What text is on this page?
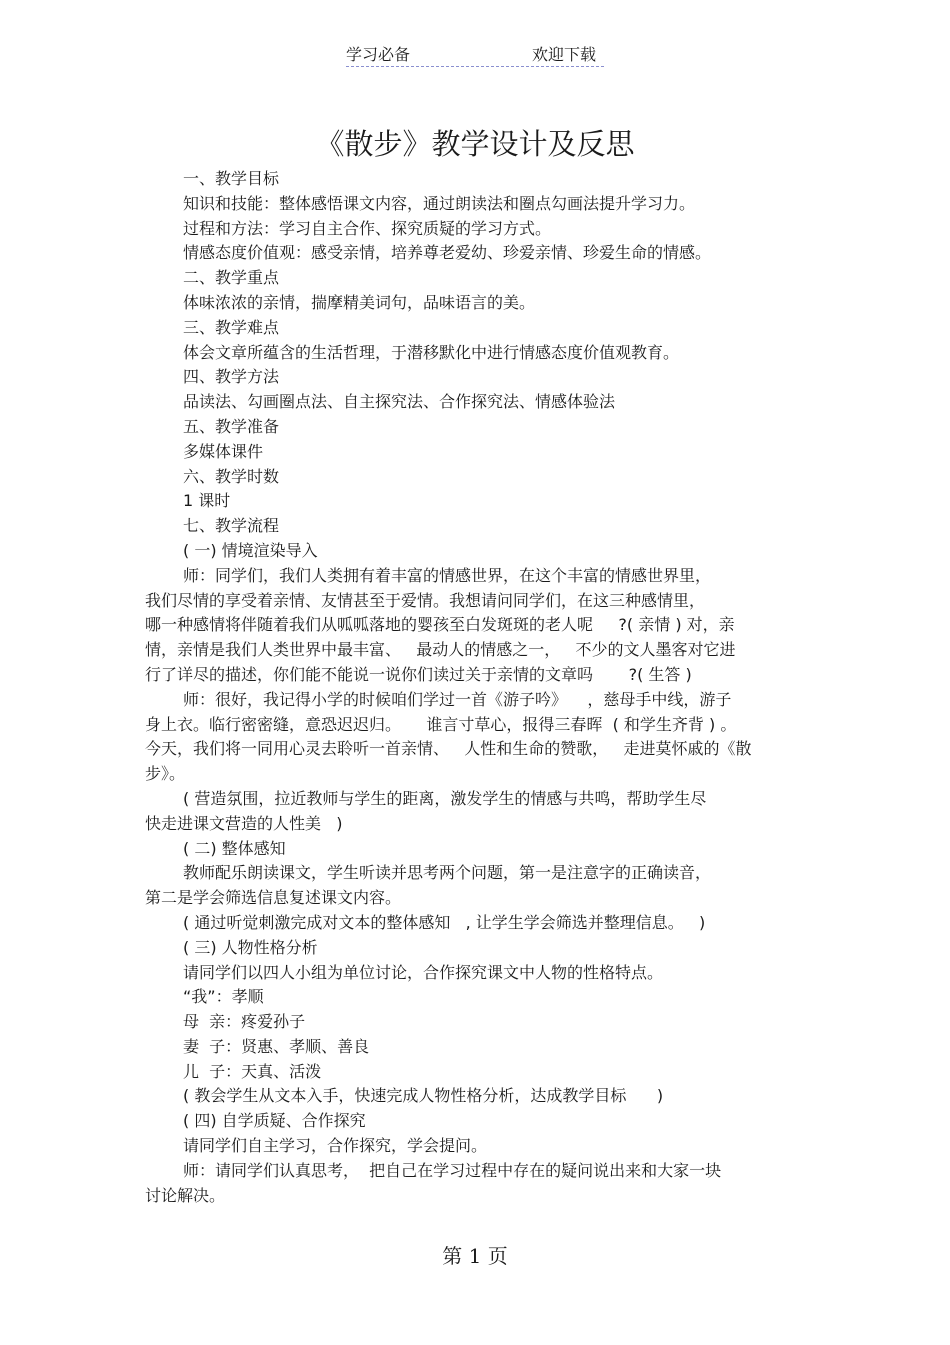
学习必备	欢迎下载
《散步》教学设计及反思
一、教学目标
知识和技能：整体感悟课文内容，通过朗读法和圈点勾画法提升学习力。
过程和方法：学习自主合作、探究质疑的学习方式。
情感态度价值观：感受亲情，培养尊老爱幼、珍爱亲情、珍爱生命的情感。
二、教学重点
体味浓浓的亲情，揣摩精美词句，品味语言的美。
三、教学难点
体会文章所蕴含的生活哲理，于潜移默化中进行情感态度价值观教育。
四、教学方法
品读法、勾画圈点法、自主探究法、合作探究法、情感体验法
五、教学准备
多媒体课件
六、教学时数
1 课时
七、教学流程
( 一) 情境渲染导入
师：同学们，我们人类拥有着丰富的情感世界，在这个丰富的情感世界里，
我们尽情的享受着亲情、友情甚至于爱情。我想请问同学们，在这三种感情里，
哪一种感情将伴随着我们从呱呱落地的婴孩至白发斑斑的老人呢     ?( 亲情 ) 对，亲
情，亲情是我们人类世界中最丰富、   最动人的情感之一，   不少的文人墨客对它进
行了详尽的描述，你们能不能说一说你们读过关于亲情的文章吗       ?( 生答 )
师：很好，我记得小学的时候咱们学过一首《游子吟》    ，慈母手中线，游子
身上衣。临行密密缝，意恐迟迟归。     谁言寸草心，报得三春晖  ( 和学生齐背 ) 。
今天，我们将一同用心灵去聆听一首亲情、   人性和生命的赞歌，   走进莫怀戚的《散
步》。
( 营造氛围，拉近教师与学生的距离，激发学生的情感与共鸣，帮助学生尽
快走进课文营造的人性美   )
( 二) 整体感知
教师配乐朗读课文，学生听读并思考两个问题，第一是注意字的正确读音，
第二是学会筛选信息复述课文内容。
( 通过听觉刺激完成对文本的整体感知   , 让学生学会筛选并整理信息。   )
( 三) 人物性格分析
请同学们以四人小组为单位讨论，合作探究课文中人物的性格特点。
“我”：孝顺
母  亲：疼爱孙子
妻  子：贤惠、孝顺、善良
儿  子：天真、活泼
( 教会学生从文本入手，快速完成人物性格分析，达成教学目标      )
( 四) 自学质疑、合作探究
请同学们自主学习，合作探究，学会提问。
师：请同学们认真思考，  把自己在学习过程中存在的疑问说出来和大家一块
讨论解决。
第 1 页
